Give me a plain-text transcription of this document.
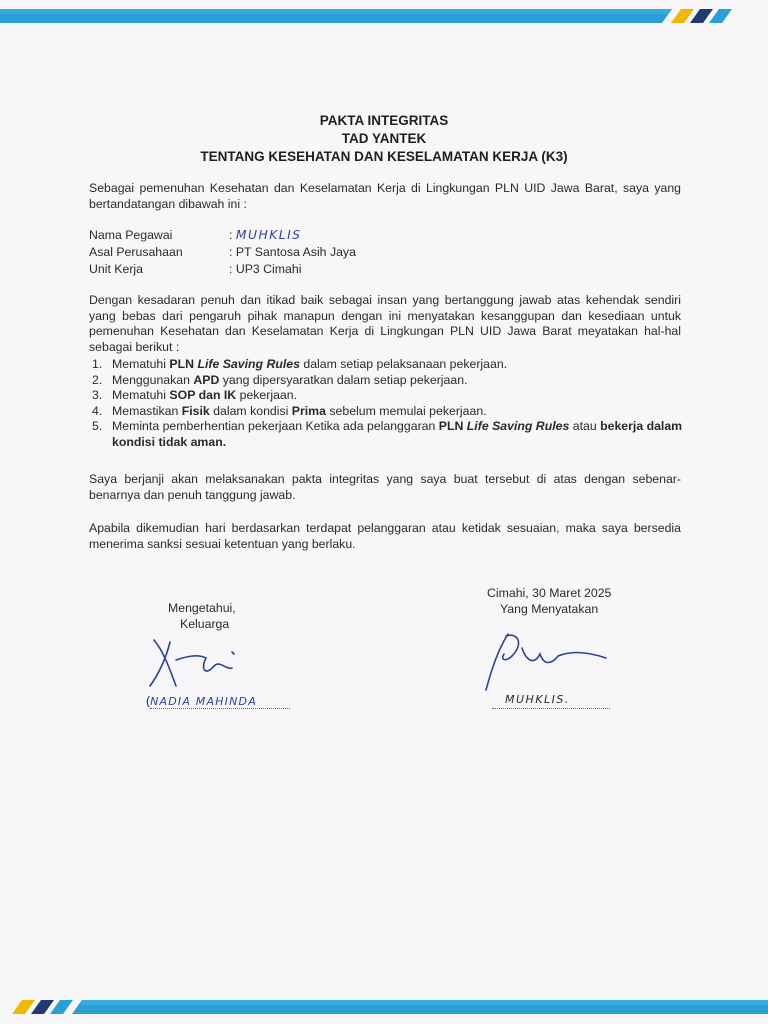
PAKTA INTEGRITAS
TAD YANTEK
TENTANG KESEHATAN DAN KESELAMATAN KERJA (K3)
Sebagai pemenuhan Kesehatan dan Keselamatan Kerja di Lingkungan PLN UID Jawa Barat, saya yang bertandatangan dibawah ini :
Nama Pegawai	: MUHKLIS
Asal Perusahaan	: PT Santosa Asih Jaya
Unit Kerja	: UP3 Cimahi
Dengan kesadaran penuh dan itikad baik sebagai insan yang bertanggung jawab atas kehendak sendiri yang bebas dari pengaruh pihak manapun dengan ini menyatakan kesanggupan dan kesediaan untuk pemenuhan Kesehatan dan Keselamatan Kerja di Lingkungan PLN UID Jawa Barat meyatakan hal-hal sebagai berikut :
1. Mematuhi PLN Life Saving Rules dalam setiap pelaksanaan pekerjaan.
2. Menggunakan APD yang dipersyaratkan dalam setiap pekerjaan.
3. Mematuhi SOP dan IK pekerjaan.
4. Memastikan Fisik dalam kondisi Prima sebelum memulai pekerjaan.
5. Meminta pemberhentian pekerjaan Ketika ada pelanggaran PLN Life Saving Rules atau bekerja dalam kondisi tidak aman.
Saya berjanji akan melaksanakan pakta integritas yang saya buat tersebut di atas dengan sebenar-benarnya dan penuh tanggung jawab.
Apabila dikemudian hari berdasarkan terdapat pelanggaran atau ketidak sesuaian, maka saya bersedia menerima sanksi sesuai ketentuan yang berlaku.
Mengetahui,
Keluarga
(NADIA MAHINDA
Cimahi, 30 Maret 2025
Yang Menyatakan
MUHKLIS.
